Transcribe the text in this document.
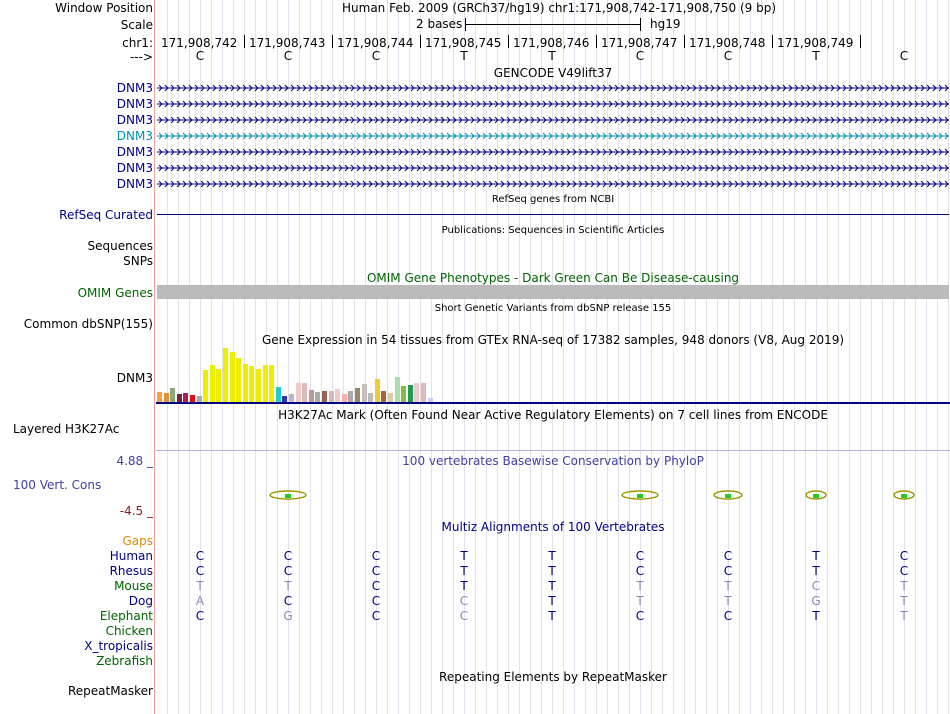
Window Position	Human Feb. 2009 (GRCh37/hg19) chr1:171,908,742-171,908,750 (9 bp)
Scale	2 bases	hg19
chr1: 171,908,742 171,908,743 171,908,744 171,908,745 171,908,746 171,908,747 171,908,748 171,908,749
--->	C	C	C	T	T	C	C	T	C
GENCODE V49lift37
DNM3
DNM3
DNM3
DNM3
DNM3
DNM3
DNM3
RefSeq genes from NCBI
RefSeq Curated
Publications: Sequences in Scientific Articles
Sequences
SNPs
OMIM Gene Phenotypes - Dark Green Can Be Disease-causing
OMIM Genes
Short Genetic Variants from dbSNP release 155
Common dbSNP(155)
Gene Expression in 54 tissues from GTEx RNA-seq of 17382 samples, 948 donors (V8, Aug 2019)
DNM3
H3K27Ac Mark (Often Found Near Active Regulatory Elements) on 7 cell lines from ENCODE
Layered H3K27Ac
4.88 _	100 vertebrates Basewise Conservation by PhyloP
100 Vert. Cons
-4.5 _
Multiz Alignments of 100 Vertebrates
Gaps
Human	C	C	C	T	T	C	C	T	C
Rhesus	C	C	C	T	T	C	C	T	C
Mouse	T	T	C	T	T	T	T	C	T
Dog	A	C	C	C	T	T	T	G	T
Elephant	C	G	C	C	T	C	C	T	T
Chicken
X_tropicalis
Zebrafish
Repeating Elements by RepeatMasker
RepeatMasker
